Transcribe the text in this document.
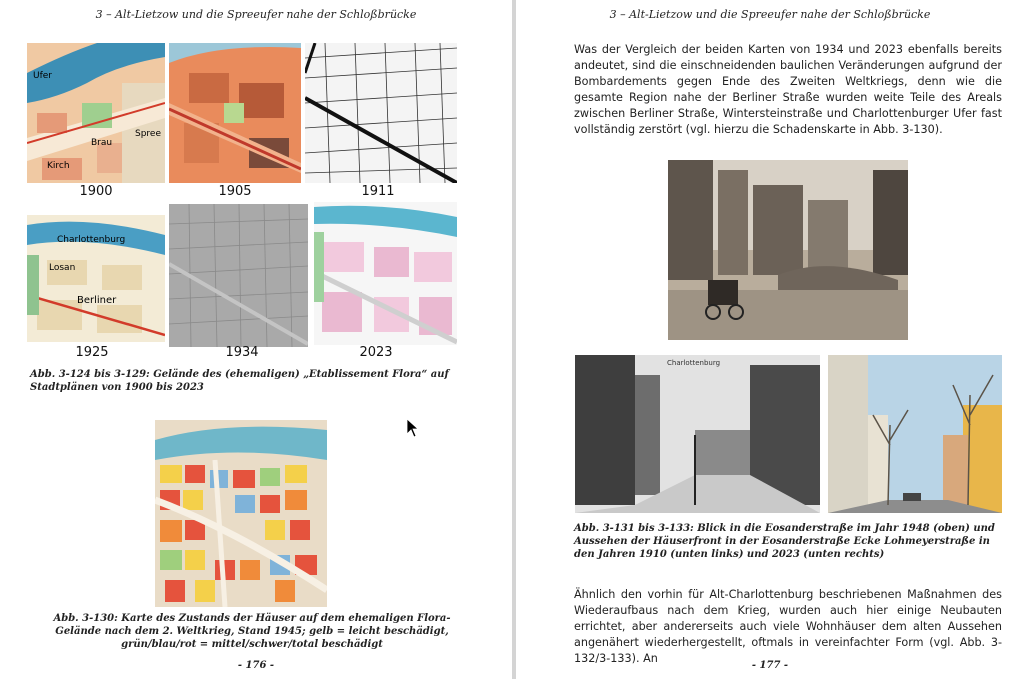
3 – Alt-Lietzow und die Spreeufer nahe der Schloßbrücke
Ufer
Spree
Brau
Kirch
1900	1905	1911
Charlottenburg
Losan
Berliner
1925	1934	2023
Abb. 3-124 bis 3-129: Gelände des (ehemaligen) „Etablissement Flora“ auf Stadtplänen von 1900 bis 2023
Abb. 3-130: Karte des Zustands der Häuser auf dem ehemaligen Flora-Gelände nach dem 2. Weltkrieg, Stand 1945; gelb = leicht beschädigt, grün/blau/rot = mittel/schwer/total beschädigt
- 176 -
3 – Alt-Lietzow und die Spreeufer nahe der Schloßbrücke
Was der Vergleich der beiden Karten von 1934 und 2023 ebenfalls bereits andeutet, sind die einschneidenden baulichen Veränderungen aufgrund der Bombardements gegen Ende des Zweiten Weltkriegs, denn wie die gesamte Region nahe der Berliner Straße wurden weite Teile des Areals zwischen Berliner Straße, Wintersteinstraße und Charlottenburger Ufer fast vollständig zerstört (vgl. hierzu die Schadenskarte in Abb. 3-130).
Charlottenburg
Abb. 3-131 bis 3-133: Blick in die Eosanderstraße im Jahr 1948 (oben) und Aussehen der Häuserfront in der Eosanderstraße Ecke Lohmeyerstraße in den Jahren 1910 (unten links) und 2023 (unten rechts)
Ähnlich den vorhin für Alt-Charlottenburg beschriebenen Maßnahmen des Wiederaufbaus nach dem Krieg, wurden auch hier einige Neubauten errichtet, aber andererseits auch viele Wohnhäuser dem alten Aussehen angenähert wiederhergestellt, oftmals in vereinfachter Form (vgl. Abb. 3-132/3-133). An
- 177 -
